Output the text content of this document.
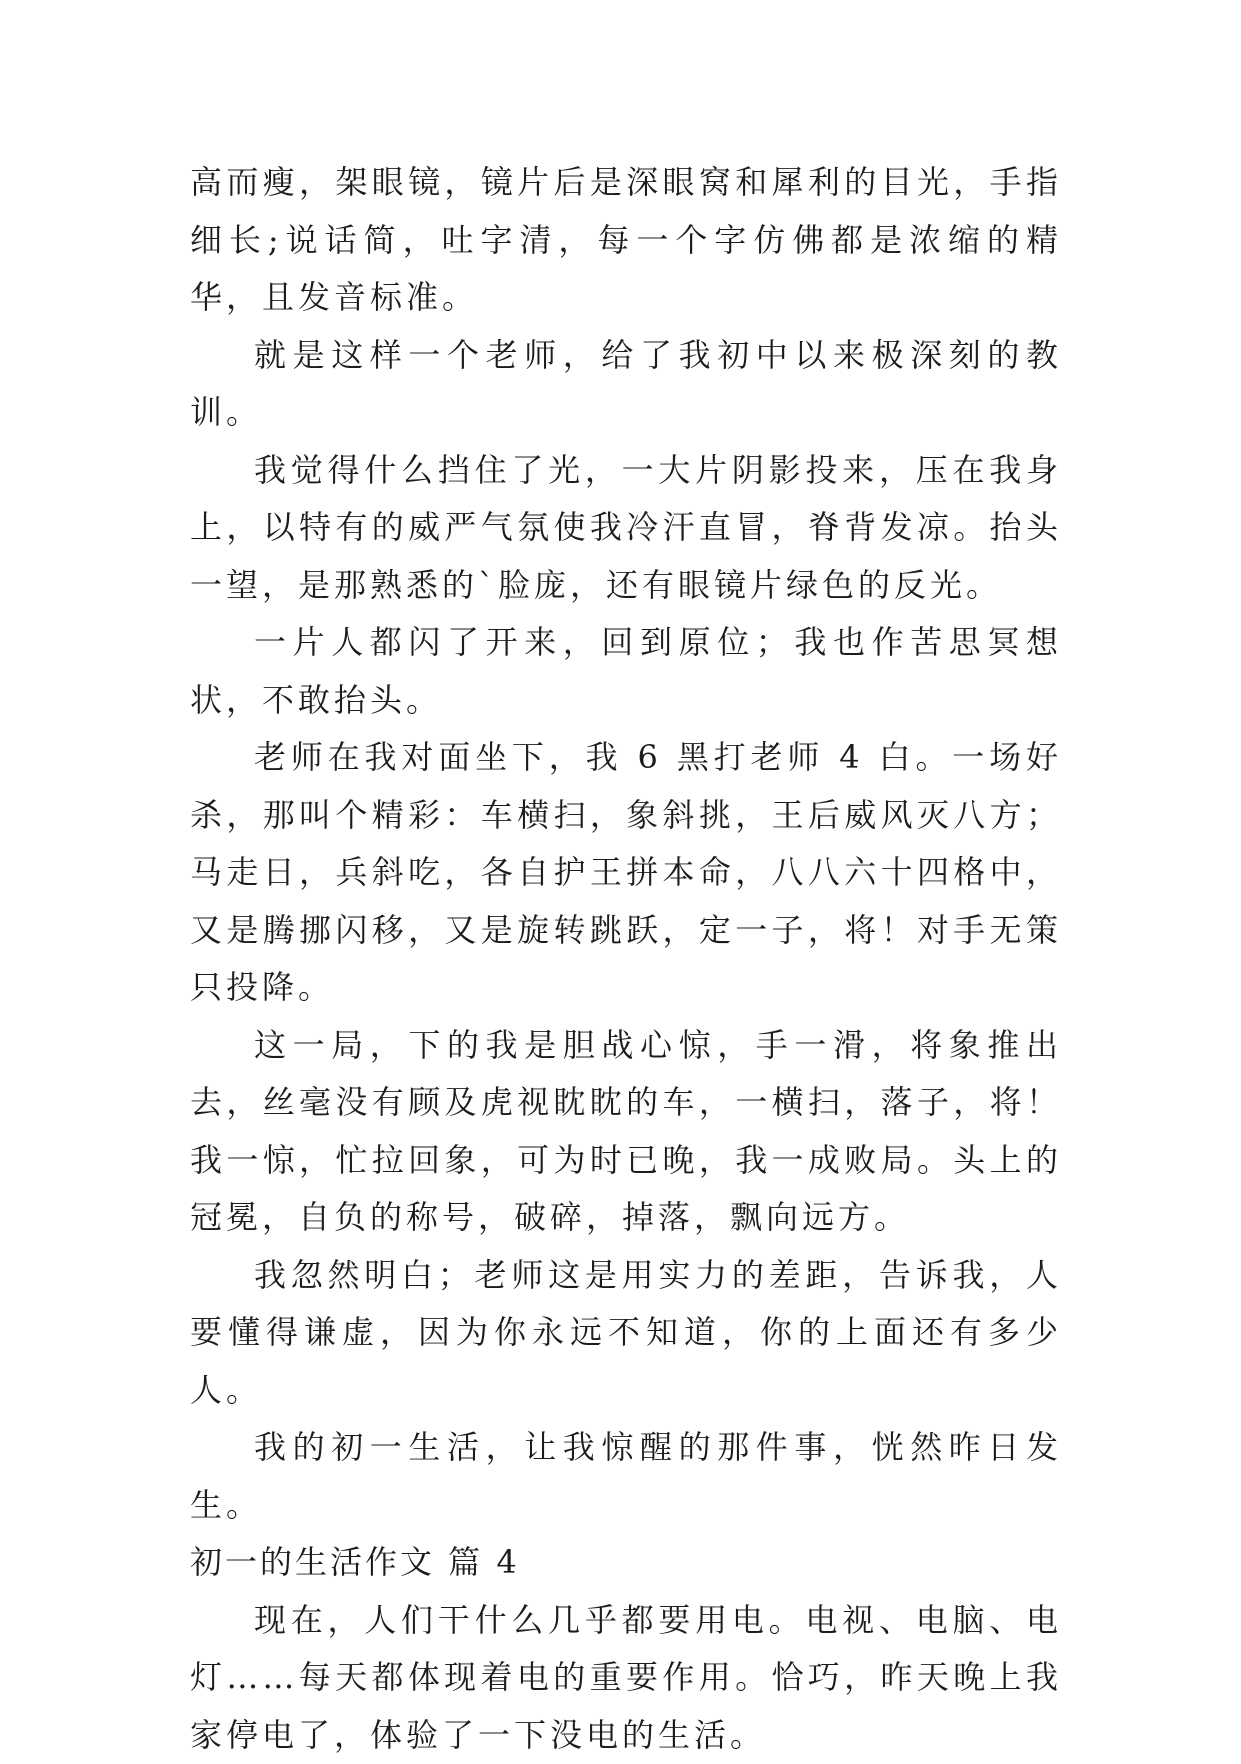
高而瘦，架眼镜，镜片后是深眼窝和犀利的目光，手指细长;说话简，吐字清，每一个字仿佛都是浓缩的精华，且发音标准。

就是这样一个老师，给了我初中以来极深刻的教训。

我觉得什么挡住了光，一大片阴影投来，压在我身上，以特有的威严气氛使我冷汗直冒，脊背发凉。抬头一望，是那熟悉的`脸庞，还有眼镜片绿色的反光。

一片人都闪了开来，回到原位；我也作苦思冥想状，不敢抬头。

老师在我对面坐下，我 6 黑打老师 4 白。一场好杀，那叫个精彩：车横扫，象斜挑，王后威风灭八方；马走日，兵斜吃，各自护王拼本命，八八六十四格中，又是腾挪闪移，又是旋转跳跃，定一子，将！对手无策只投降。

这一局，下的我是胆战心惊，手一滑，将象推出去，丝毫没有顾及虎视眈眈的车，一横扫，落子，将！我一惊，忙拉回象，可为时已晚，我一成败局。头上的冠冕，自负的称号，破碎，掉落，飘向远方。

我忽然明白；老师这是用实力的差距，告诉我，人要懂得谦虚，因为你永远不知道，你的上面还有多少人。

我的初一生活，让我惊醒的那件事，恍然昨日发生。

初一的生活作文 篇 4

现在，人们干什么几乎都要用电。电视、电脑、电灯……每天都体现着电的重要作用。恰巧，昨天晚上我家停电了，体验了一下没电的生活。
